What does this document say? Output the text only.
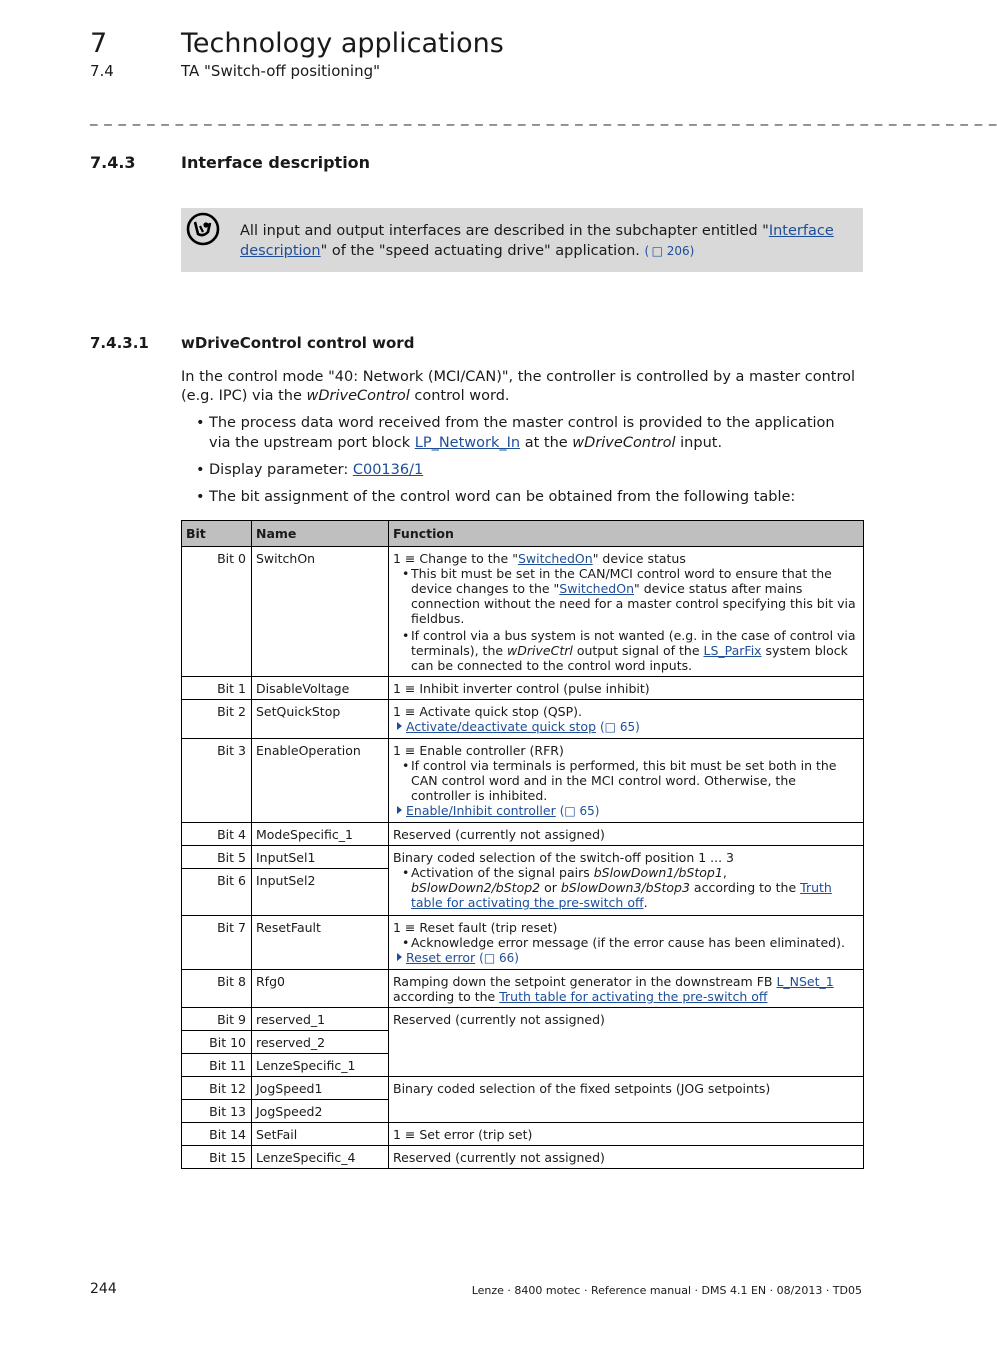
7	Technology applications
7.4	TA "Switch-off positioning"
_ _ _ _ _ _ _ _ _ _ _ _ _ _ _ _ _ _ _ _ _ _ _ _ _ _ _ _ _ _ _ _ _ _ _ _ _ _ _ _ _ _ _ _ _ _ _ _ _ _ _ _ _ _ _ _ _ _ _ _ _ _ _ _
7.4.3	Interface description
All input and output interfaces are described in the subchapter entitled "Interface description" of the "speed actuating drive" application. ( □ 206)
7.4.3.1 wDriveControl control word
In the control mode "40: Network (MCI/CAN)", the controller is controlled by a master control (e.g. IPC) via the wDriveControl control word.
• The process data word received from the master control is provided to the application via the upstream port block LP_Network_In at the wDriveControl input.
• Display parameter: C00136/1
• The bit assignment of the control word can be obtained from the following table:
Bit	Name	Function
Bit 0	SwitchOn	1 ≡ Change to the "SwitchedOn" device status
• This bit must be set in the CAN/MCI control word to ensure that the device changes to the "SwitchedOn" device status after mains connection without the need for a master control specifying this bit via fieldbus.
• If control via a bus system is not wanted (e.g. in the case of control via terminals), the wDriveCtrl output signal of the LS_ParFix system block can be connected to the control word inputs.

Bit 1	DisableVoltage	1 ≡ Inhibit inverter control (pulse inhibit)
Bit 2	SetQuickStop	1 ≡ Activate quick stop (QSP).
Activate/deactivate quick stop (□ 65)

Bit 3	EnableOperation	1 ≡ Enable controller (RFR)
• If control via terminals is performed, this bit must be set both in the CAN control word and in the MCI control word. Otherwise, the controller is inhibited.
Enable/Inhibit controller (□ 65)

Bit 4	ModeSpecific_1	Reserved (currently not assigned)
Bit 5	InputSel1	Binary coded selection of the switch-off position 1 ... 3
• Activation of the signal pairs bSlowDown1/bStop1, bSlowDown2/bStop2 or bSlowDown3/bStop3 according to the Truth table for activating the pre-switch off.

Bit 6	InputSel2	
Bit 7	ResetFault	1 ≡ Reset fault (trip reset)
• Acknowledge error message (if the error cause has been eliminated).
Reset error (□ 66)

Bit 8	Rfg0	Ramping down the setpoint generator in the downstream FB L_NSet_1 according to the Truth table for activating the pre-switch off
Bit 9	reserved_1	Reserved (currently not assigned)
Bit 10	reserved_2	
Bit 11	LenzeSpecific_1	
Bit 12	JogSpeed1	Binary coded selection of the fixed setpoints (JOG setpoints)
Bit 13	JogSpeed2	
Bit 14	SetFail	1 ≡ Set error (trip set)
Bit 15	LenzeSpecific_4	Reserved (currently not assigned)
244	Lenze · 8400 motec · Reference manual · DMS 4.1 EN · 08/2013 · TD05
